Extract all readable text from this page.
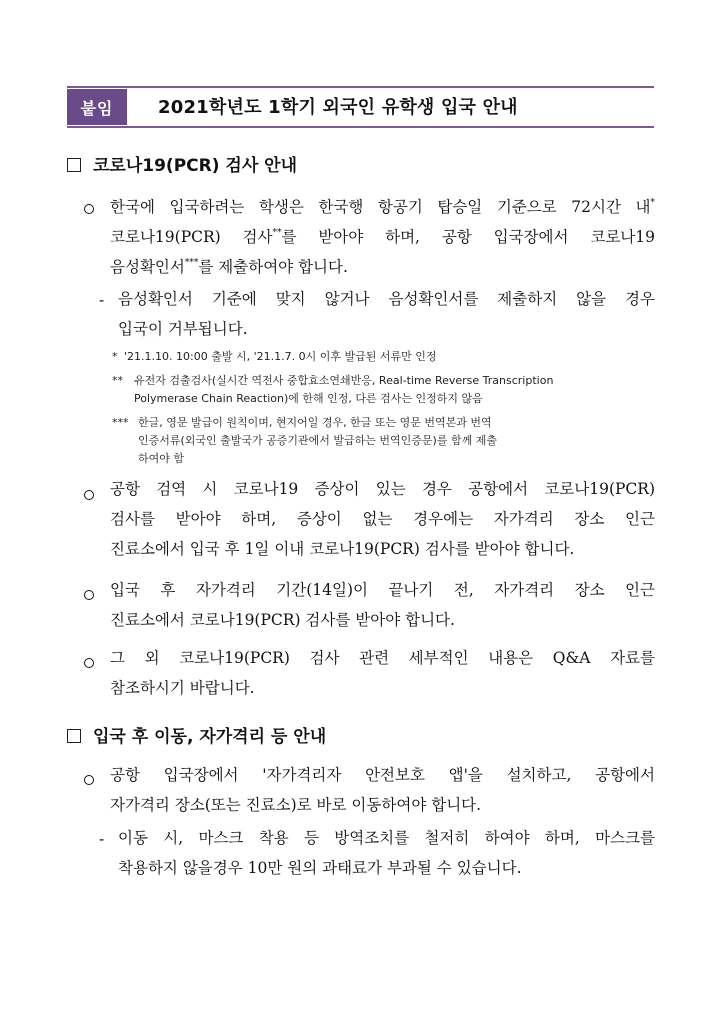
붙임	2021학년도 1학기 외국인 유학생 입국 안내
코로나19(PCR) 검사 안내
한국에 입국하려는 학생은 한국행 항공기 탑승일 기준으로 72시간 내*
코로나19(PCR) 검사**를 받아야 하며, 공항 입국장에서 코로나19
음성확인서***를 제출하여야 합니다.
- 음성확인서 기준에 맞지 않거나 음성확인서를 제출하지 않을 경우
입국이 거부됩니다.
* '21.1.10. 10:00 출발 시, '21.1.7. 0시 이후 발급된 서류만 인정
** 유전자 검출검사(실시간 역전사 중합효소연쇄반응, Real-time Reverse Transcription
Polymerase Chain Reaction)에 한해 인정, 다른 검사는 인정하지 않음
*** 한글, 영문 발급이 원칙이며, 현지어일 경우, 한글 또는 영문 번역본과 번역
인증서류(외국인 출발국가 공증기관에서 발급하는 번역인증문)를 함께 제출
하여야 함
공항 검역 시 코로나19 증상이 있는 경우 공항에서 코로나19(PCR)
검사를 받아야 하며, 증상이 없는 경우에는 자가격리 장소 인근
진료소에서 입국 후 1일 이내 코로나19(PCR) 검사를 받아야 합니다.
입국 후 자가격리 기간(14일)이 끝나기 전, 자가격리 장소 인근
진료소에서 코로나19(PCR) 검사를 받아야 합니다.
그 외 코로나19(PCR) 검사 관련 세부적인 내용은 Q&A 자료를
참조하시기 바랍니다.
입국 후 이동, 자가격리 등 안내
공항 입국장에서 '자가격리자 안전보호 앱'을 설치하고, 공항에서
자가격리 장소(또는 진료소)로 바로 이동하여야 합니다.
- 이동 시, 마스크 착용 등 방역조치를 철저히 하여야 하며, 마스크를
착용하지 않을경우 10만 원의 과태료가 부과될 수 있습니다.
